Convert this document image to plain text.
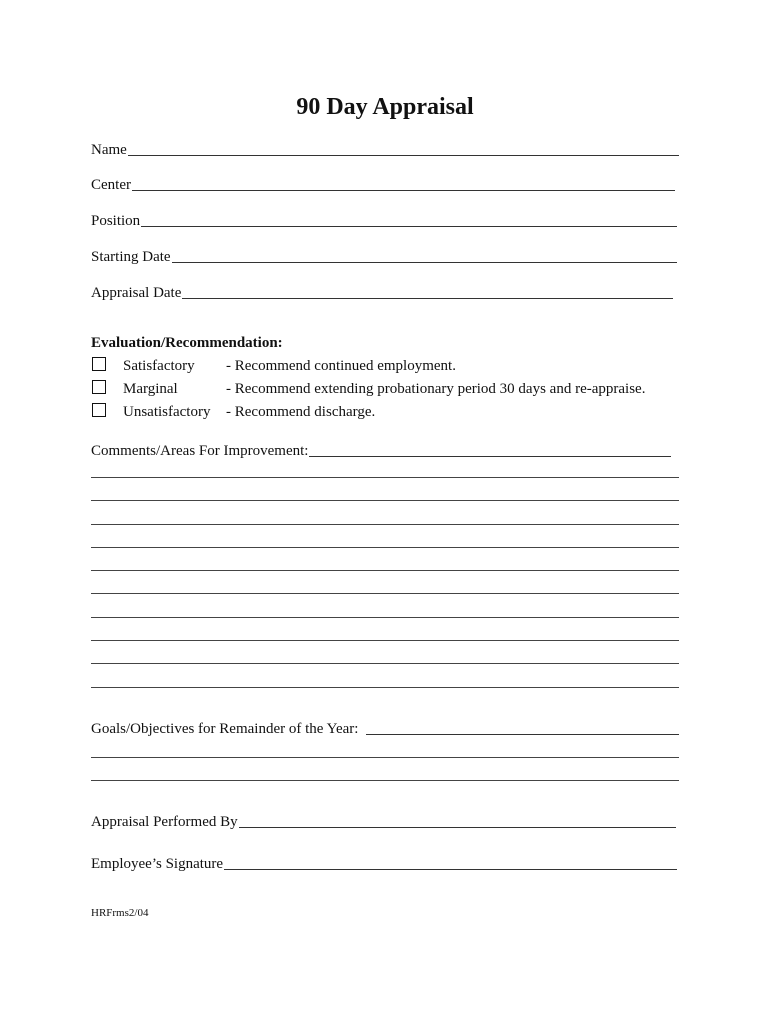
90 Day Appraisal
Name
Center
Position
Starting Date
Appraisal Date
Evaluation/Recommendation:
Satisfactory - Recommend continued employment.
Marginal	- Recommend extending probationary period 30 days and re-appraise.
Unsatisfactory - Recommend discharge.
Comments/Areas For Improvement:
Goals/Objectives for Remainder of the Year:
Appraisal Performed By
Employee’s Signature
HRFrms2/04
